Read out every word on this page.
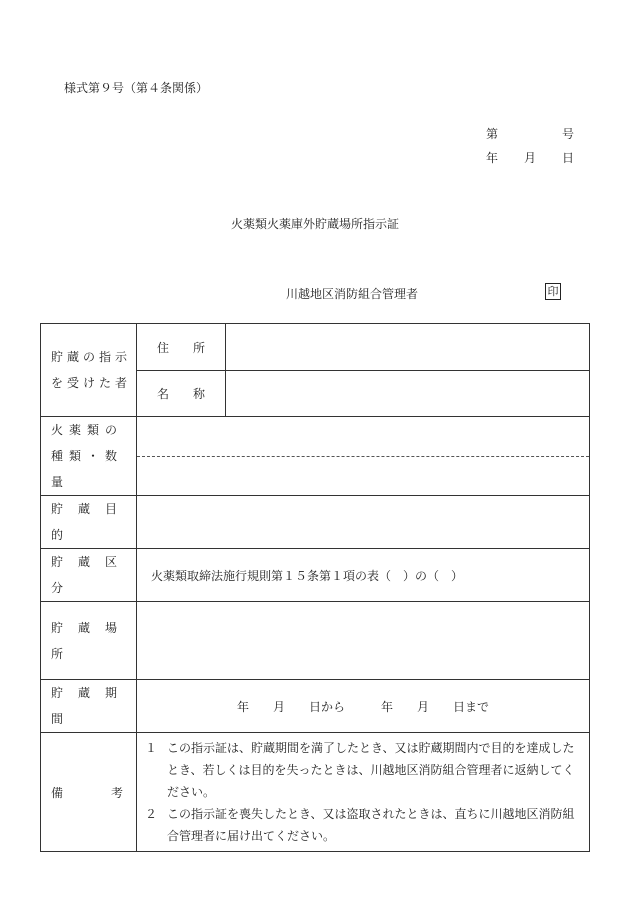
様式第９号（第４条関係）
第	号
年 月 日
火薬類火薬庫外貯蔵場所指示証
川越地区消防組合管理者	印
貯蔵の指示を受けた者	住　　所	
	名　　称	

火薬類の種類・数量		

貯蔵目的		
貯蔵区分	火薬類取締法施行規則第１５条第１項の表（　）の（　）	
貯蔵場所		
貯蔵期間	年　　月　　日から　　　年　　月　　日まで	
備　　　　考	１ この指示証は、貯蔵期間を満了したとき、又は貯蔵期間内で目的を達成したとき、若しくは目的を失ったときは、川越地区消防組合管理者に返納してください。
２ この指示証を喪失したとき、又は盗取されたときは、直ちに川越地区消防組合管理者に届け出てください。	
